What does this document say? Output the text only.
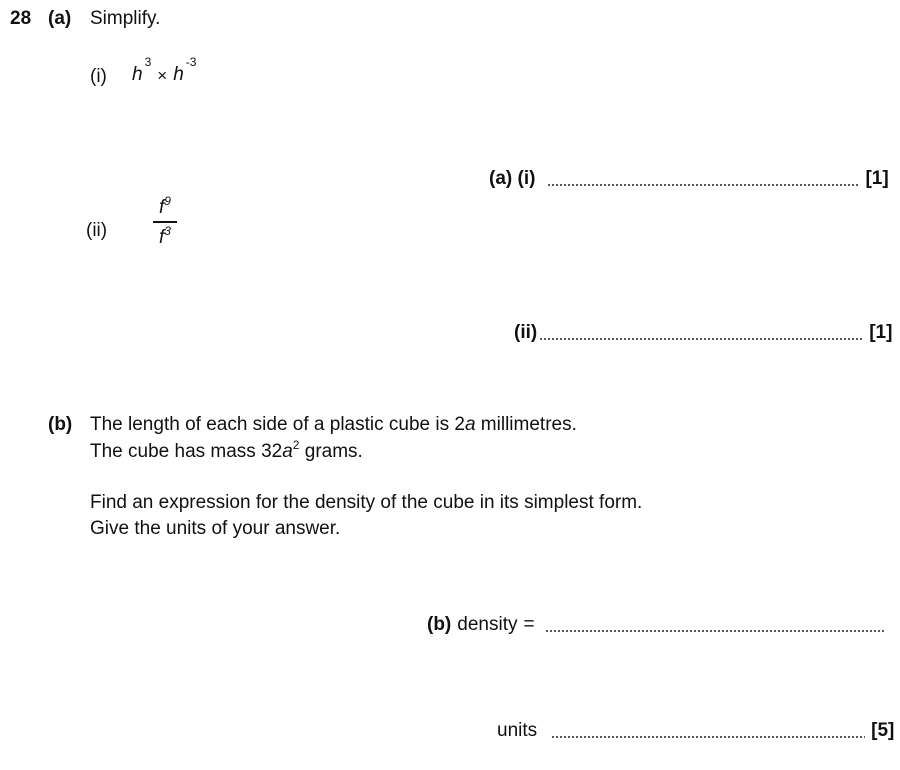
28 (a) Simplify.
(i) h
$^3$
× h
$^{-3}$
(a) (i)	[1]
(ii)
$f^9$
$f^3$
(ii)	[1]
(b) The length of each side of a plastic cube is 2a millimetres.
The cube has mass $32a^2$ grams.
Find an expression for the density of the cube in its simplest form.
Give the units of your answer.
(b) density =
units	[5]
